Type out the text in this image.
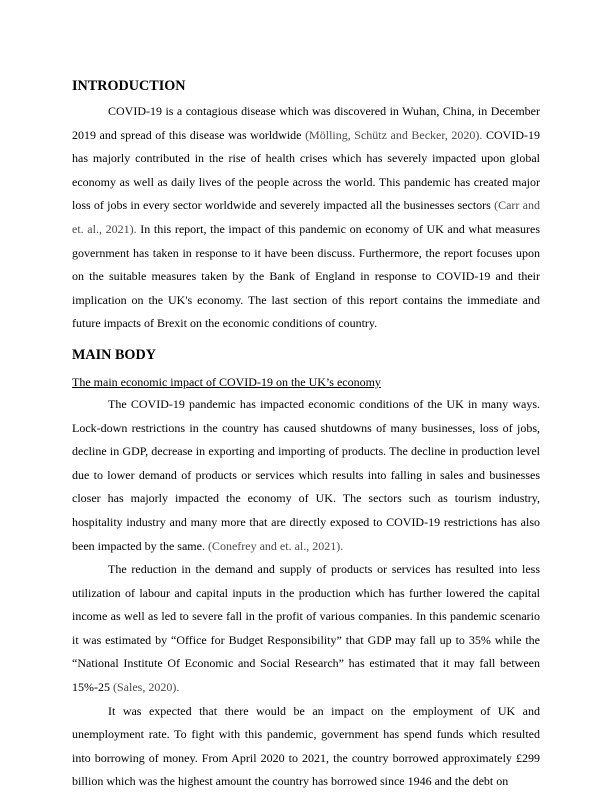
INTRODUCTION

COVID-19 is a contagious disease which was discovered in Wuhan, China, in December 2019 and spread of this disease was worldwide (Mölling, Schütz and Becker, 2020). COVID-19 has majorly contributed in the rise of health crises which has severely impacted upon global economy as well as daily lives of the people across the world. This pandemic has created major loss of jobs in every sector worldwide and severely impacted all the businesses sectors (Carr and et. al., 2021). In this report, the impact of this pandemic on economy of UK and what measures government has taken in response to it have been discuss. Furthermore, the report focuses upon on the suitable measures taken by the Bank of England in response to COVID-19 and their implication on the UK's economy. The last section of this report contains the immediate and future impacts of Brexit on the economic conditions of country.

MAIN BODY

The main economic impact of COVID-19 on the UK’s economy

The COVID-19 pandemic has impacted economic conditions of the UK in many ways. Lock-down restrictions in the country has caused shutdowns of many businesses, loss of jobs, decline in GDP, decrease in exporting and importing of products. The decline in production level due to lower demand of products or services which results into falling in sales and businesses closer has majorly impacted the economy of UK. The sectors such as tourism industry, hospitality industry and many more that are directly exposed to COVID-19 restrictions has also been impacted by the same. (Conefrey and et. al., 2021).

The reduction in the demand and supply of products or services has resulted into less utilization of labour and capital inputs in the production which has further lowered the capital income as well as led to severe fall in the profit of various companies. In this pandemic scenario it was estimated by “Office for Budget Responsibility” that GDP may fall up to 35% while the “National Institute Of Economic and Social Research” has estimated that it may fall between 15%-25 (Sales, 2020).

It was expected that there would be an impact on the employment of UK and unemployment rate. To fight with this pandemic, government has spend funds which resulted into borrowing of money. From April 2020 to 2021, the country borrowed approximately £299 billion which was the highest amount the country has borrowed since 1946 and the debt on
